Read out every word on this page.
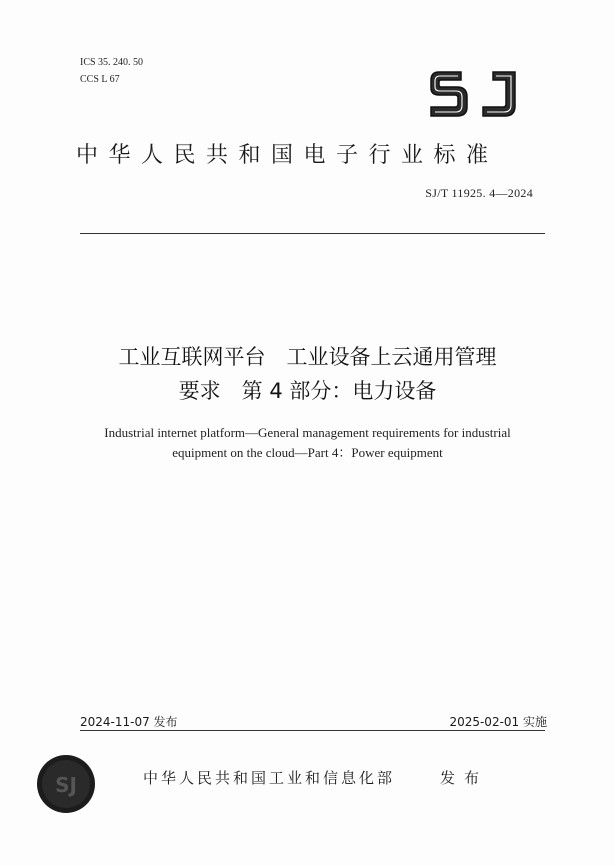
ICS 35. 240. 50
CCS L 67
中华人民共和国电子行业标准
SJ/T 11925. 4—2024
工业互联网平台　工业设备上云通用管理
要求　第 4 部分：电力设备
Industrial internet platform—General management requirements for industrial
equipment on the cloud—Part 4：Power equipment
2024-11-07 发布	2025-02-01 实施
SJ	中华人民共和国工业和信息化部	发布
